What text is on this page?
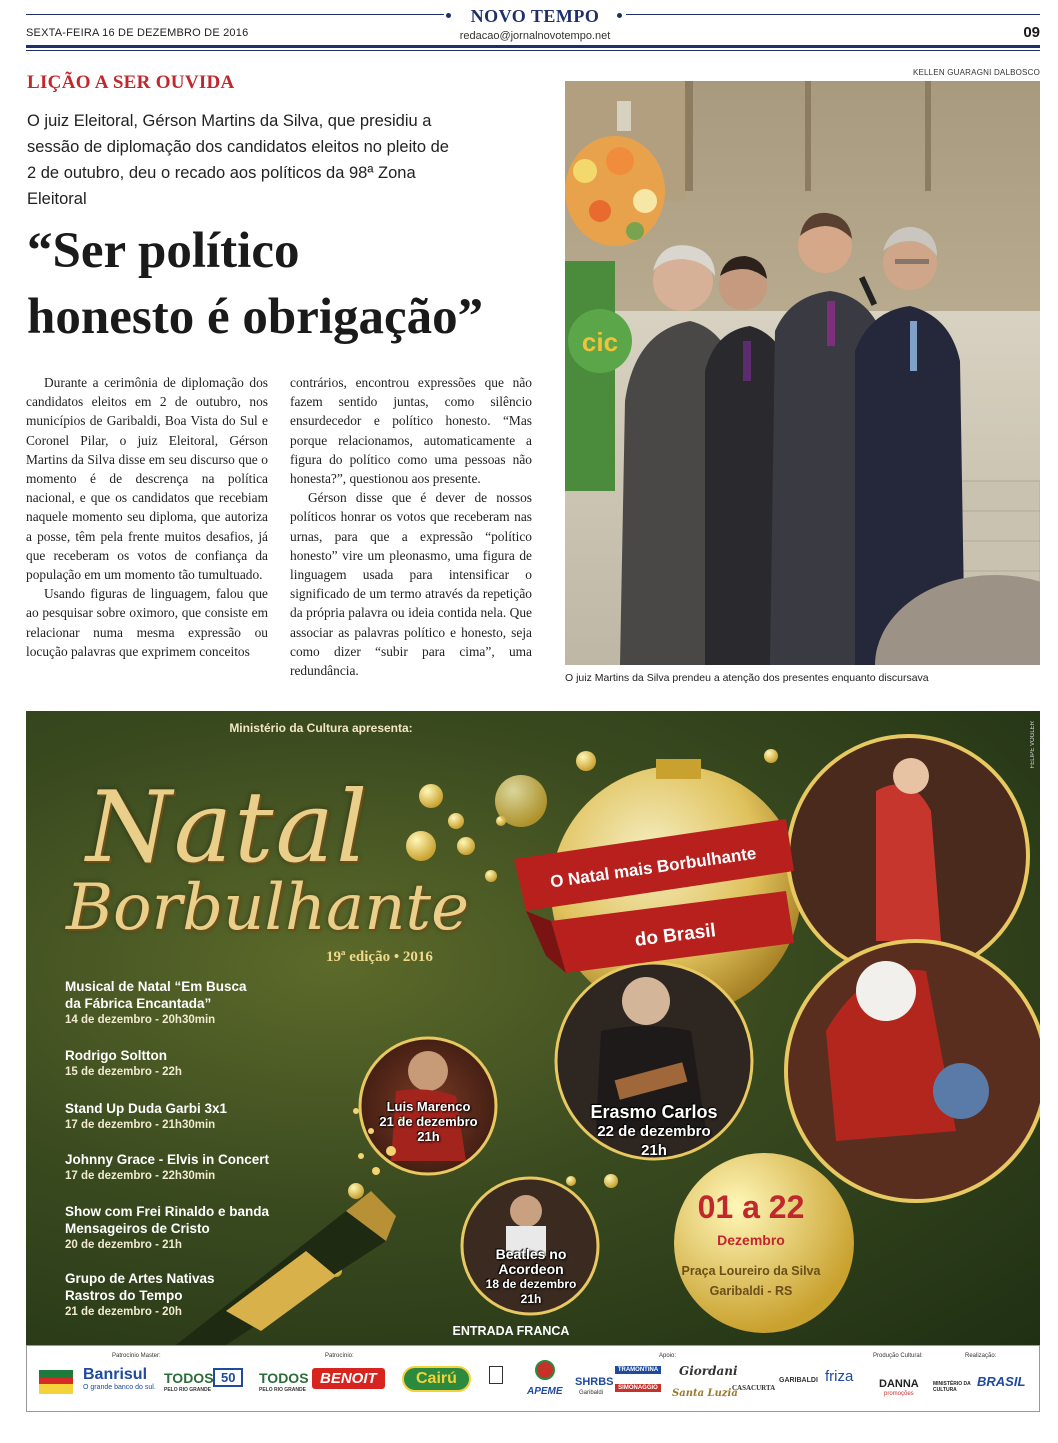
NOVO TEMPO
SEXTA-FEIRA 16 DE DEZEMBRO DE 2016	redacao@jornalnovotempo.net	09
LIÇÃO A SER OUVIDA
O juiz Eleitoral, Gérson Martins da Silva, que presidiu a
sessão de diplomação dos candidatos eleitos no pleito de
2 de outubro, deu o recado aos políticos da 98ª Zona Eleitoral
“Ser político
honesto é obrigação”

Durante a cerimônia de diplomação dos candidatos eleitos em 2 de outubro, nos municípios de Garibaldi, Boa Vista do Sul e Coronel Pilar, o juiz Eleitoral, Gérson Martins da Silva disse em seu discurso que o momento é de descrença na política nacional, e que os candidatos que recebiam naquele momento seu diploma, que autoriza a posse, têm pela frente muitos desafios, já que receberam os votos de confiança da população em um momento tão tumultuado.

Usando figuras de linguagem, falou que ao pesquisar sobre oximoro, que consiste em relacionar numa mesma expressão ou locução palavras que exprimem conceitos

contrários, encontrou expressões que não fazem sentido juntas, como silêncio ensurdecedor e político honesto. “Mas porque relacionamos, automaticamente a figura do político como uma pessoas não honesta?”, questionou aos presente.

Gérson disse que é dever de nossos políticos honrar os votos que receberam nas urnas, para que a expressão “político honesto” vire um pleonasmo, uma figura de linguagem usada para intensificar o significado de um termo através da repetição da própria palavra ou ideia contida nela. Que associar as palavras político e honesto, seja como dizer “subir para cima”, uma redundância.

KELLEN GUARAGNI DALBOSCO
cic
O juiz Martins da Silva prendeu a atenção dos presentes enquanto discursava
O Natal mais Borbulhante
do Brasil
FELIPE VOGLER
Ministério da Cultura apresenta:
Natal
Borbulhante
19ª edição • 2016
Musical de Natal “Em Busca
da Fábrica Encantada”
14 de dezembro - 20h30min
Rodrigo Soltton
15 de dezembro - 22h
Stand Up Duda Garbi 3x1
17 de dezembro - 21h30min
Johnny Grace - Elvis in Concert
17 de dezembro - 22h30min
Show com Frei Rinaldo e banda
Mensageiros de Cristo
20 de dezembro - 21h
Grupo de Artes Nativas
Rastros do Tempo
21 de dezembro - 20h
Luis Marenco
21 de dezembro
21h
Erasmo Carlos
22 de dezembro
21h
Beatles no
Acordeon
18 de dezembro
21h
01 a 22
Dezembro
Praça Loureiro da Silva
Garibaldi - RS
ENTRADA FRANCA
Patrocínio Master:	Patrocínio:	Apoio:	Produção Cultural:	Realização:
Banrisul
O grande banco do sul.
TODOS
PELO RIO GRANDE
50	TODOS
PELO RIO GRANDE
BENOIT	Cairú
APEME
SHRBS
Garibaldi
TRAMONTINA
SIMONAGGIO
Giordani
Santa Luzia
CASACURTA
GARIBALDI friza DANNA
promoções
MINISTÉRIO DA CULTURA
BRASIL
